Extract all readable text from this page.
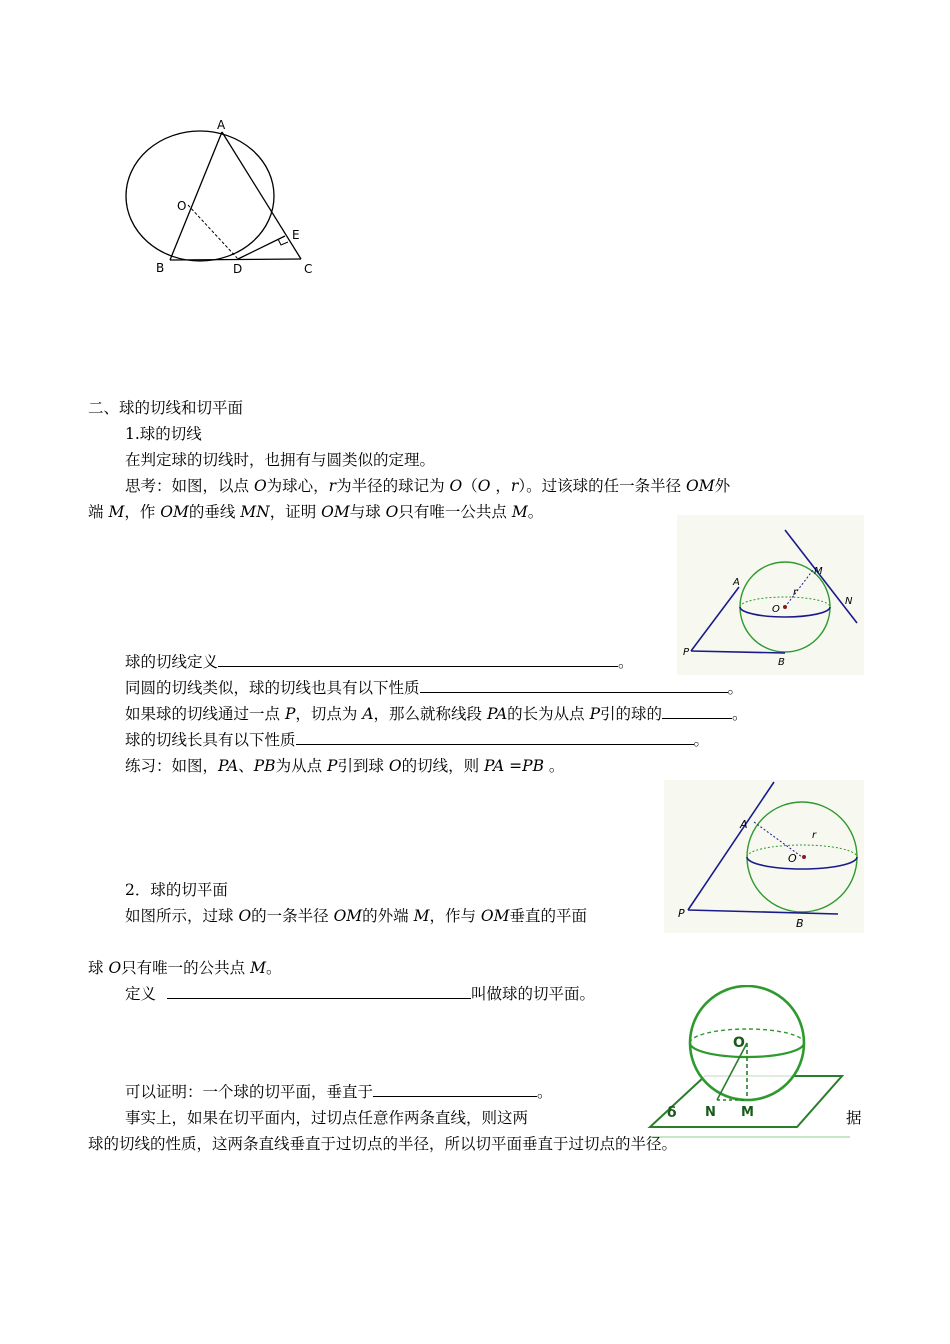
A
O
E
B	D	C
二、球的切线和切平面
1.球的切线
在判定球的切线时，也拥有与圆类似的定理。
思考：如图，以点 O为球心，r为半径的球记为 O（O ，r）。过该球的任一条半径 OM外
端 M，作 OM的垂线 MN，证明 OM与球 O只有唯一公共点 M。
A
M
r
O
N
P
B
球的切线定义	。
同圆的切线类似，球的切线也具有以下性质	。
如果球的切线通过一点 P，切点为 A，那么就称线段 PA的长为从点 P引的球的	。
球的切线长具有以下性质	。
练习：如图，PA、PB为从点 P引到球 O的切线，则 PA =PB 。
A
r
O
P
B
2．球的切平面
如图所示，过球 O的一条半径 OM的外端 M，作与 OM垂直的平面
球 O只有唯一的公共点 M。
定义	叫做球的切平面。
O
N M
δ
可以证明：一个球的切平面，垂直于	。
事实上，如果在切平面内，过切点任意作两条直线，则这两	据
球的切线的性质，这两条直线垂直于过切点的半径，所以切平面垂直于过切点的半径。
